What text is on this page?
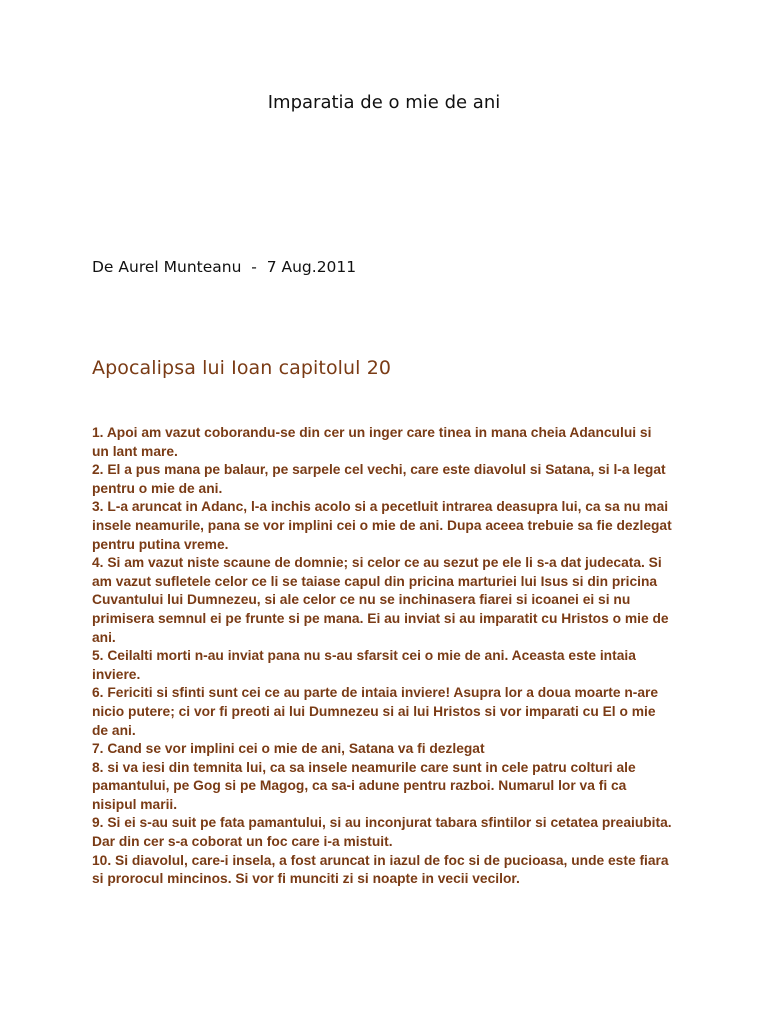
Imparatia de o mie de ani
De Aurel Munteanu  -  7 Aug.2011
Apocalipsa lui Ioan capitolul 20

1. Apoi am vazut coborandu-se din cer un inger care tinea in mana cheia Adancului si un lant mare.

2. El a pus mana pe balaur, pe sarpele cel vechi, care este diavolul si Satana, si l-a legat pentru o mie de ani.

3. L-a aruncat in Adanc, l-a inchis acolo si a pecetluit intrarea deasupra lui, ca sa nu mai insele neamurile, pana se vor implini cei o mie de ani. Dupa aceea trebuie sa fie dezlegat pentru putina vreme.

4. Si am vazut niste scaune de domnie; si celor ce au sezut pe ele li s-a dat judecata. Si am vazut sufletele celor ce li se taiase capul din pricina marturiei lui Isus si din pricina Cuvantului lui Dumnezeu, si ale celor ce nu se inchinasera fiarei si icoanei ei si nu primisera semnul ei pe frunte si pe mana. Ei au inviat si au imparatit cu Hristos o mie de ani.

5. Ceilalti morti n-au inviat pana nu s-au sfarsit cei o mie de ani. Aceasta este intaia inviere.

6. Fericiti si sfinti sunt cei ce au parte de intaia inviere! Asupra lor a doua moarte n-are nicio putere; ci vor fi preoti ai lui Dumnezeu si ai lui Hristos si vor imparati cu El o mie de ani.

7. Cand se vor implini cei o mie de ani, Satana va fi dezlegat

8. si va iesi din temnita lui, ca sa insele neamurile care sunt in cele patru colturi ale pamantului, pe Gog si pe Magog, ca sa-i adune pentru razboi. Numarul lor va fi ca nisipul marii.

9. Si ei s-au suit pe fata pamantului, si au inconjurat tabara sfintilor si cetatea preaiubita. Dar din cer s-a coborat un foc care i-a mistuit.

10. Si diavolul, care-i insela, a fost aruncat in iazul de foc si de pucioasa, unde este fiara si prorocul mincinos. Si vor fi munciti zi si noapte in vecii vecilor.
